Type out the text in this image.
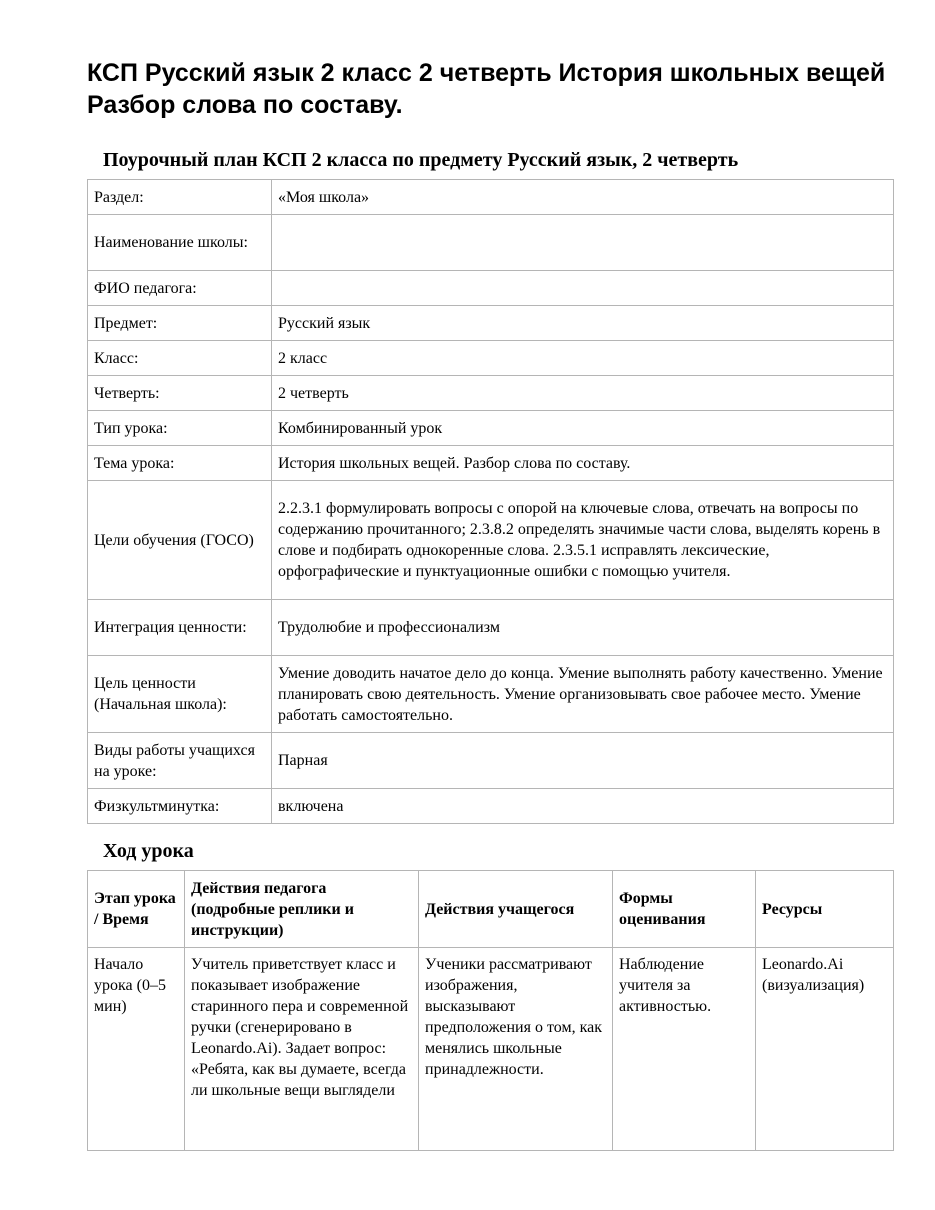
КСП Русский язык 2 класс 2 четверть История школьных вещей Разбор слова по составу.
Поурочный план КСП 2 класса по предмету Русский язык, 2 четверть
Раздел:	«Моя школа»
Наименование школы:	
ФИО педагога:	
Предмет:	Русский язык
Класс:	2 класс
Четверть:	2 четверть
Тип урока:	Комбинированный урок
Тема урока:	История школьных вещей. Разбор слова по составу.
Цели обучения (ГОСО)	2.2.3.1 формулировать вопросы с опорой на ключевые слова, отвечать на вопросы по содержанию прочитанного; 2.3.8.2 определять значимые части слова, выделять корень в слове и подбирать однокоренные слова. 2.3.5.1 исправлять лексические, орфографические и пунктуационные ошибки с помощью учителя.
Интеграция ценности:	Трудолюбие и профессионализм
Цель ценности (Начальная школа):	Умение доводить начатое дело до конца. Умение выполнять работу качественно. Умение планировать свою деятельность. Умение организовывать свое рабочее место. Умение работать самостоятельно.
Виды работы учащихся на уроке:	Парная
Физкультминутка:	включена
Ход урока
Этап урока / Время	Действия педагога (подробные реплики и инструкции)	Действия учащегося	Формы оценивания	Ресурсы
Начало урока (0–5 мин)	Учитель приветствует класс и показывает изображение старинного пера и современной ручки (сгенерировано в Leonardo.Ai). Задает вопрос: «Ребята, как вы думаете, всегда ли школьные вещи выглядели	Ученики рассматривают изображения, высказывают предположения о том, как менялись школьные принадлежности.	Наблюдение учителя за активностью.	Leonardo.Ai (визуализация)
